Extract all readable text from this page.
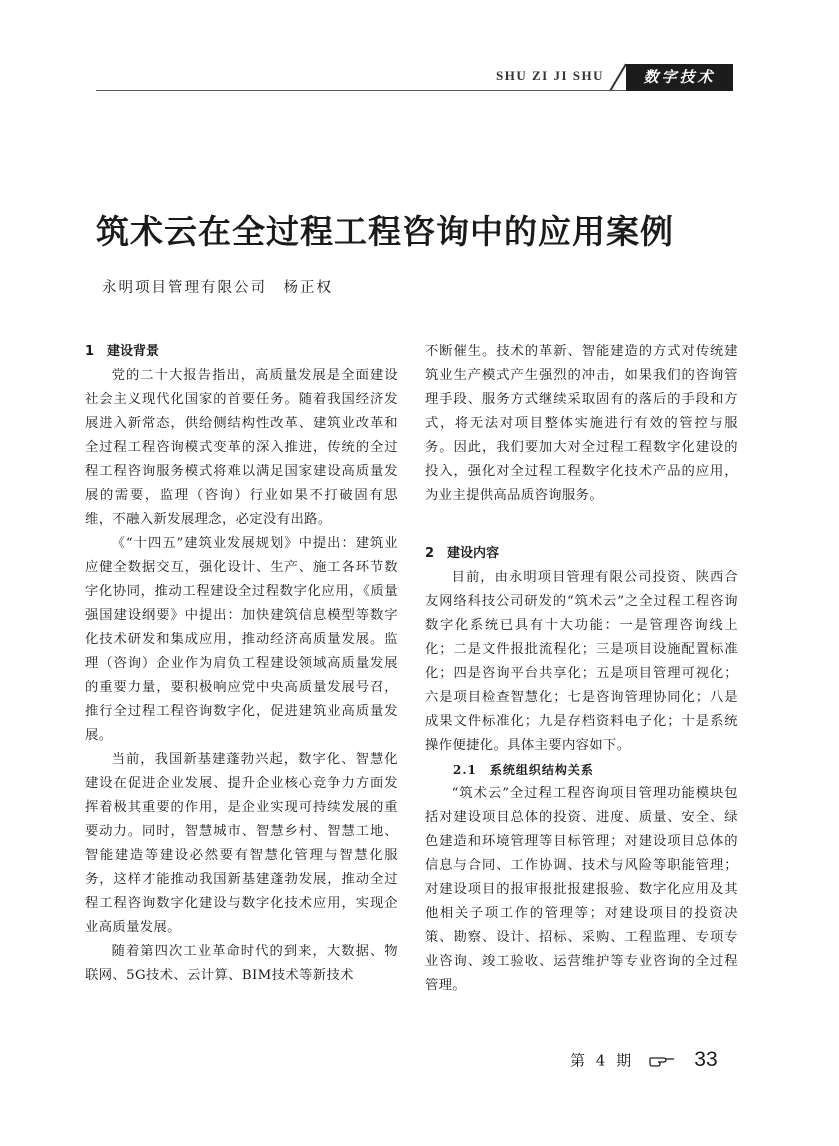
SHU ZI JI SHU	数字技术
筑术云在全过程工程咨询中的应用案例
永明项目管理有限公司　杨正权
1　建设背景

党的二十大报告指出，高质量发展是全面建设社会主义现代化国家的首要任务。随着我国经济发展进入新常态，供给侧结构性改革、建筑业改革和全过程工程咨询模式变革的深入推进，传统的全过程工程咨询服务模式将难以满足国家建设高质量发展的需要，监理（咨询）行业如果不打破固有思维，不融入新发展理念，必定没有出路。

《“十四五”建筑业发展规划》中提出：建筑业应健全数据交互，强化设计、生产、施工各环节数字化协同，推动工程建设全过程数字化应用，《质量强国建设纲要》中提出：加快建筑信息模型等数字化技术研发和集成应用，推动经济高质量发展。监理（咨询）企业作为肩负工程建设领域高质量发展的重要力量，要积极响应党中央高质量发展号召，推行全过程工程咨询数字化，促进建筑业高质量发展。

当前，我国新基建蓬勃兴起，数字化、智慧化建设在促进企业发展、提升企业核心竞争力方面发挥着极其重要的作用，是企业实现可持续发展的重要动力。同时，智慧城市、智慧乡村、智慧工地、智能建造等建设必然要有智慧化管理与智慧化服务，这样才能推动我国新基建蓬勃发展，推动全过程工程咨询数字化建设与数字化技术应用，实现企业高质量发展。

随着第四次工业革命时代的到来，大数据、物联网、5G技术、云计算、BIM技术等新技术

不断催生。技术的革新、智能建造的方式对传统建筑业生产模式产生强烈的冲击，如果我们的咨询管理手段、服务方式继续采取固有的落后的手段和方式，将无法对项目整体实施进行有效的管控与服务。因此，我们要加大对全过程工程数字化建设的投入，强化对全过程工程数字化技术产品的应用，为业主提供高品质咨询服务。

2　建设内容

目前，由永明项目管理有限公司投资、陕西合友网络科技公司研发的“筑术云”之全过程工程咨询数字化系统已具有十大功能：一是管理咨询线上化；二是文件报批流程化；三是项目设施配置标准化；四是咨询平台共享化；五是项目管理可视化；六是项目检查智慧化；七是咨询管理协同化；八是成果文件标准化；九是存档资料电子化；十是系统操作便捷化。具体主要内容如下。

2.1　系统组织结构关系

“筑术云”全过程工程咨询项目管理功能模块包括对建设项目总体的投资、进度、质量、安全、绿色建造和环境管理等目标管理；对建设项目总体的信息与合同、工作协调、技术与风险等职能管理；对建设项目的报审报批报建报验、数字化应用及其他相关子项工作的管理等；对建设项目的投资决策、勘察、设计、招标、采购、工程监理、专项专业咨询、竣工验收、运营维护等专业咨询的全过程管理。

第 4 期	33
